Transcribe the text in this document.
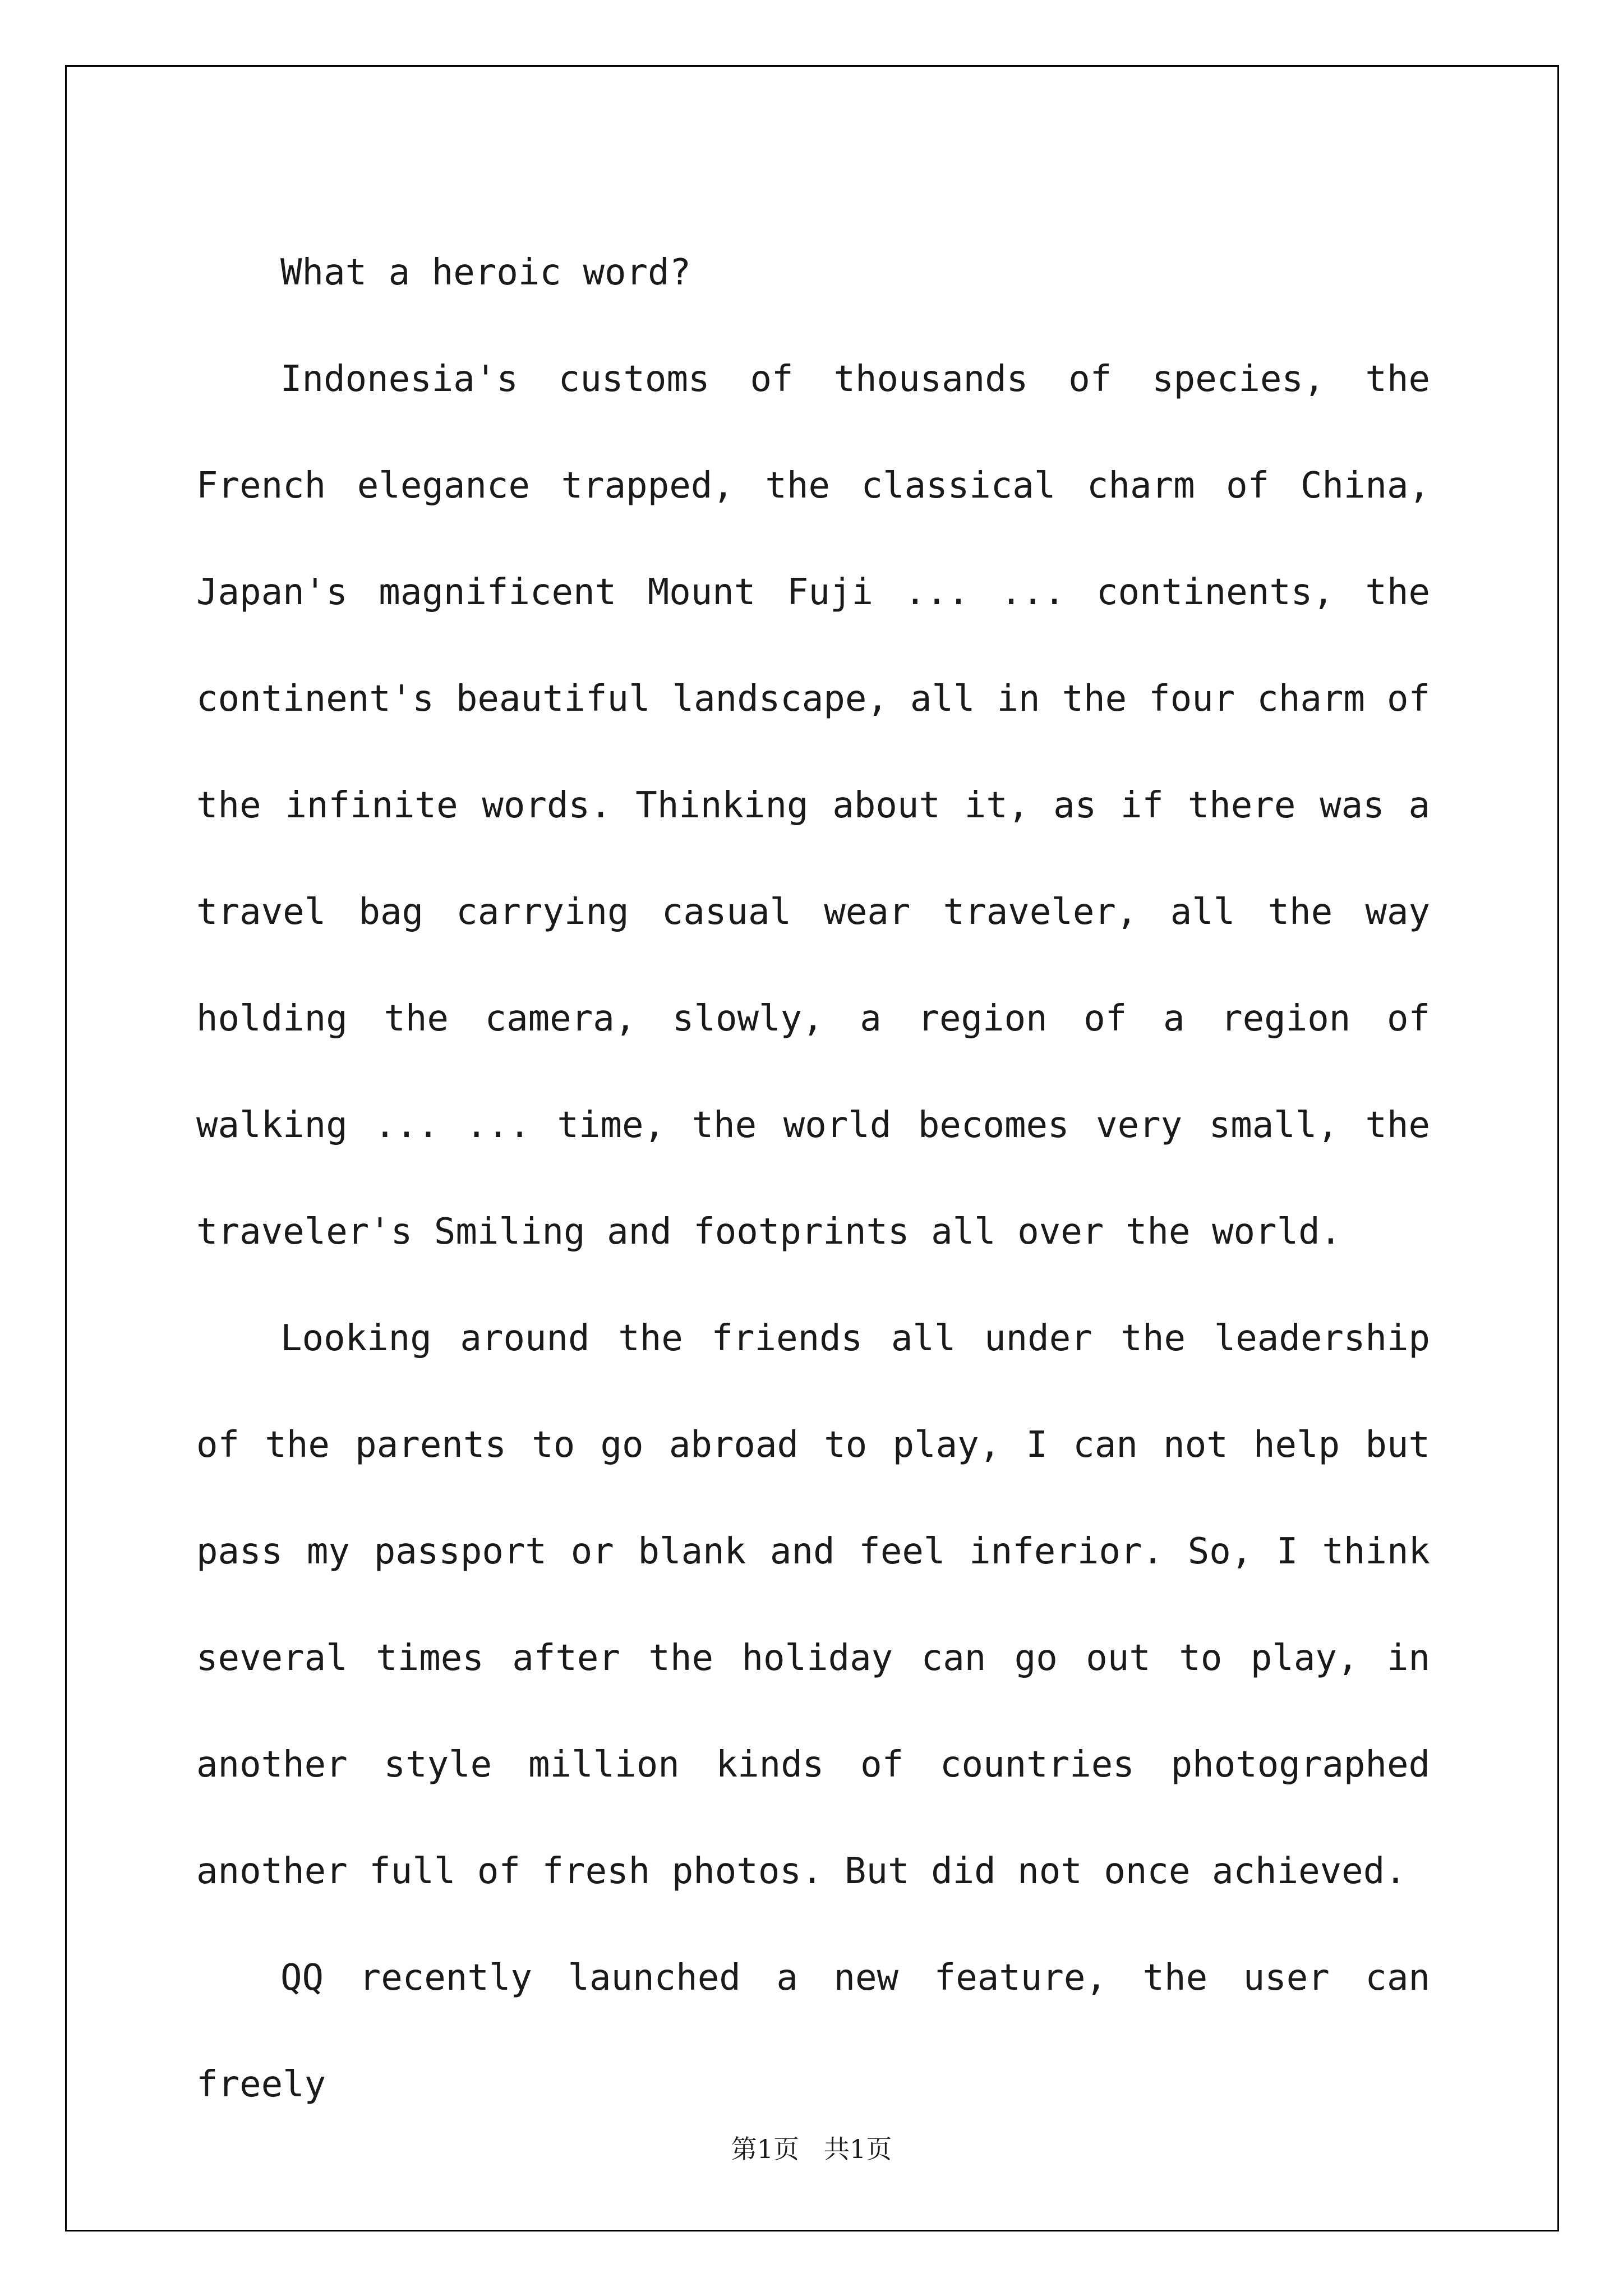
What a heroic word?

Indonesia's customs of thousands of species, the French elegance trapped, the classical charm of China, Japan's magnificent Mount Fuji ... ... continents, the continent's beautiful landscape, all in the four charm of the infinite words. Thinking about it, as if there was a travel bag carrying casual wear traveler, all the way holding the camera, slowly, a region of a region of walking ... ... time, the world becomes very small, the traveler's Smiling and footprints all over the world.

Looking around the friends all under the leadership of the parents to go abroad to play, I can not help but pass my passport or blank and feel inferior. So, I think several times after the holiday can go out to play, in another style million kinds of countries photographed another full of fresh photos. But did not once achieved.

QQ recently launched a new feature, the user can freely

第1页 共1页
